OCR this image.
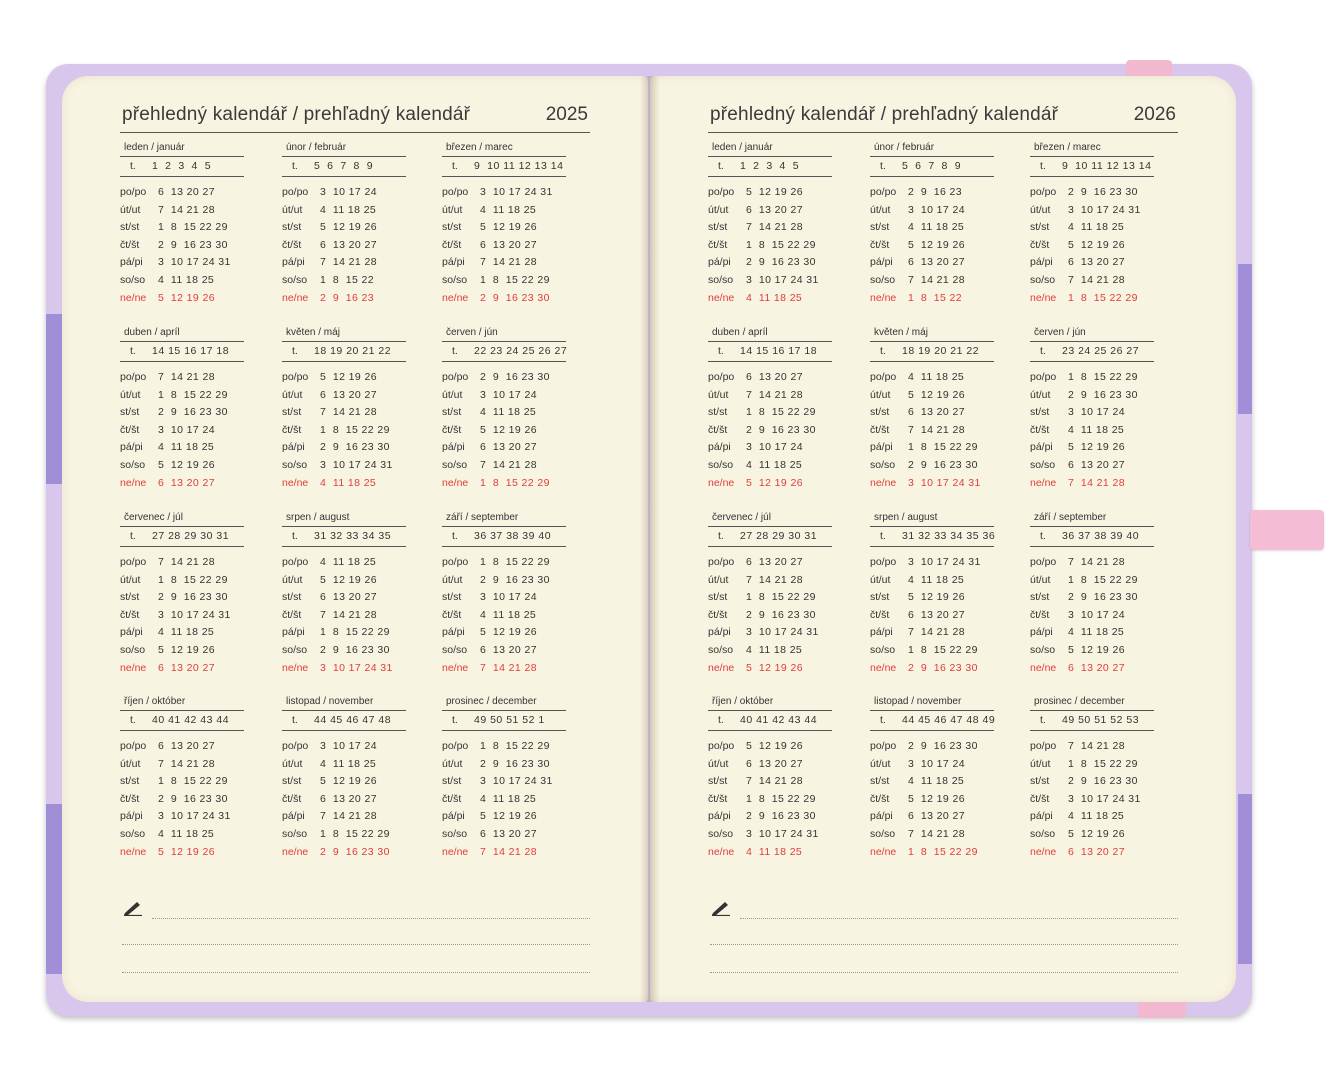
přehledný kalendář / prehľadný kalendář	2025
leden / január
t. 1  2  3  4  5
po/po 6  13 20 27
út/ut 7  14 21 28
st/st 1  8  15 22 29
čt/št 2  9  16 23 30
pá/pi 3  10 17 24 31
so/so 4  11 18 25
ne/ne 5  12 19 26
únor / február
t. 5  6  7  8  9
po/po 3  10 17 24
út/ut 4  11 18 25
st/st 5  12 19 26
čt/št 6  13 20 27
pá/pi 7  14 21 28
so/so 1  8  15 22
ne/ne 2  9  16 23
březen / marec
t. 9  10 11 12 13 14
po/po 3  10 17 24 31
út/ut 4  11 18 25
st/st 5  12 19 26
čt/št 6  13 20 27
pá/pi 7  14 21 28
so/so 1  8  15 22 29
ne/ne 2  9  16 23 30
duben / apríl
t. 14 15 16 17 18
po/po 7  14 21 28
út/ut 1  8  15 22 29
st/st 2  9  16 23 30
čt/št 3  10 17 24
pá/pi 4  11 18 25
so/so 5  12 19 26
ne/ne 6  13 20 27
květen / máj
t. 18 19 20 21 22
po/po 5  12 19 26
út/ut 6  13 20 27
st/st 7  14 21 28
čt/št 1  8  15 22 29
pá/pi 2  9  16 23 30
so/so 3  10 17 24 31
ne/ne 4  11 18 25
červen / jún
t. 22 23 24 25 26 27
po/po 2  9  16 23 30
út/ut 3  10 17 24
st/st 4  11 18 25
čt/št 5  12 19 26
pá/pi 6  13 20 27
so/so 7  14 21 28
ne/ne 1  8  15 22 29
červenec / júl
t. 27 28 29 30 31
po/po 7  14 21 28
út/ut 1  8  15 22 29
st/st 2  9  16 23 30
čt/št 3  10 17 24 31
pá/pi 4  11 18 25
so/so 5  12 19 26
ne/ne 6  13 20 27
srpen / august
t. 31 32 33 34 35
po/po 4  11 18 25
út/ut 5  12 19 26
st/st 6  13 20 27
čt/št 7  14 21 28
pá/pi 1  8  15 22 29
so/so 2  9  16 23 30
ne/ne 3  10 17 24 31
září / september
t. 36 37 38 39 40
po/po 1  8  15 22 29
út/ut 2  9  16 23 30
st/st 3  10 17 24
čt/št 4  11 18 25
pá/pi 5  12 19 26
so/so 6  13 20 27
ne/ne 7  14 21 28
říjen / október
t. 40 41 42 43 44
po/po 6  13 20 27
út/ut 7  14 21 28
st/st 1  8  15 22 29
čt/št 2  9  16 23 30
pá/pi 3  10 17 24 31
so/so 4  11 18 25
ne/ne 5  12 19 26
listopad / november
t. 44 45 46 47 48
po/po 3  10 17 24
út/ut 4  11 18 25
st/st 5  12 19 26
čt/št 6  13 20 27
pá/pi 7  14 21 28
so/so 1  8  15 22 29
ne/ne 2  9  16 23 30
prosinec / december
t. 49 50 51 52 1
po/po 1  8  15 22 29
út/ut 2  9  16 23 30
st/st 3  10 17 24 31
čt/št 4  11 18 25
pá/pi 5  12 19 26
so/so 6  13 20 27
ne/ne 7  14 21 28
přehledný kalendář / prehľadný kalendář	2026
leden / január
t. 1  2  3  4  5
po/po 5  12 19 26
út/ut 6  13 20 27
st/st 7  14 21 28
čt/št 1  8  15 22 29
pá/pi 2  9  16 23 30
so/so 3  10 17 24 31
ne/ne 4  11 18 25
únor / február
t. 5  6  7  8  9
po/po 2  9  16 23
út/ut 3  10 17 24
st/st 4  11 18 25
čt/št 5  12 19 26
pá/pi 6  13 20 27
so/so 7  14 21 28
ne/ne 1  8  15 22
březen / marec
t. 9  10 11 12 13 14
po/po 2  9  16 23 30
út/ut 3  10 17 24 31
st/st 4  11 18 25
čt/št 5  12 19 26
pá/pi 6  13 20 27
so/so 7  14 21 28
ne/ne 1  8  15 22 29
duben / apríl
t. 14 15 16 17 18
po/po 6  13 20 27
út/ut 7  14 21 28
st/st 1  8  15 22 29
čt/št 2  9  16 23 30
pá/pi 3  10 17 24
so/so 4  11 18 25
ne/ne 5  12 19 26
květen / máj
t. 18 19 20 21 22
po/po 4  11 18 25
út/ut 5  12 19 26
st/st 6  13 20 27
čt/št 7  14 21 28
pá/pi 1  8  15 22 29
so/so 2  9  16 23 30
ne/ne 3  10 17 24 31
červen / jún
t. 23 24 25 26 27
po/po 1  8  15 22 29
út/ut 2  9  16 23 30
st/st 3  10 17 24
čt/št 4  11 18 25
pá/pi 5  12 19 26
so/so 6  13 20 27
ne/ne 7  14 21 28
červenec / júl
t. 27 28 29 30 31
po/po 6  13 20 27
út/ut 7  14 21 28
st/st 1  8  15 22 29
čt/št 2  9  16 23 30
pá/pi 3  10 17 24 31
so/so 4  11 18 25
ne/ne 5  12 19 26
srpen / august
t. 31 32 33 34 35 36
po/po 3  10 17 24 31
út/ut 4  11 18 25
st/st 5  12 19 26
čt/št 6  13 20 27
pá/pi 7  14 21 28
so/so 1  8  15 22 29
ne/ne 2  9  16 23 30
září / september
t. 36 37 38 39 40
po/po 7  14 21 28
út/ut 1  8  15 22 29
st/st 2  9  16 23 30
čt/št 3  10 17 24
pá/pi 4  11 18 25
so/so 5  12 19 26
ne/ne 6  13 20 27
říjen / október
t. 40 41 42 43 44
po/po 5  12 19 26
út/ut 6  13 20 27
st/st 7  14 21 28
čt/št 1  8  15 22 29
pá/pi 2  9  16 23 30
so/so 3  10 17 24 31
ne/ne 4  11 18 25
listopad / november
t. 44 45 46 47 48 49
po/po 2  9  16 23 30
út/ut 3  10 17 24
st/st 4  11 18 25
čt/št 5  12 19 26
pá/pi 6  13 20 27
so/so 7  14 21 28
ne/ne 1  8  15 22 29
prosinec / december
t. 49 50 51 52 53
po/po 7  14 21 28
út/ut 1  8  15 22 29
st/st 2  9  16 23 30
čt/št 3  10 17 24 31
pá/pi 4  11 18 25
so/so 5  12 19 26
ne/ne 6  13 20 27
